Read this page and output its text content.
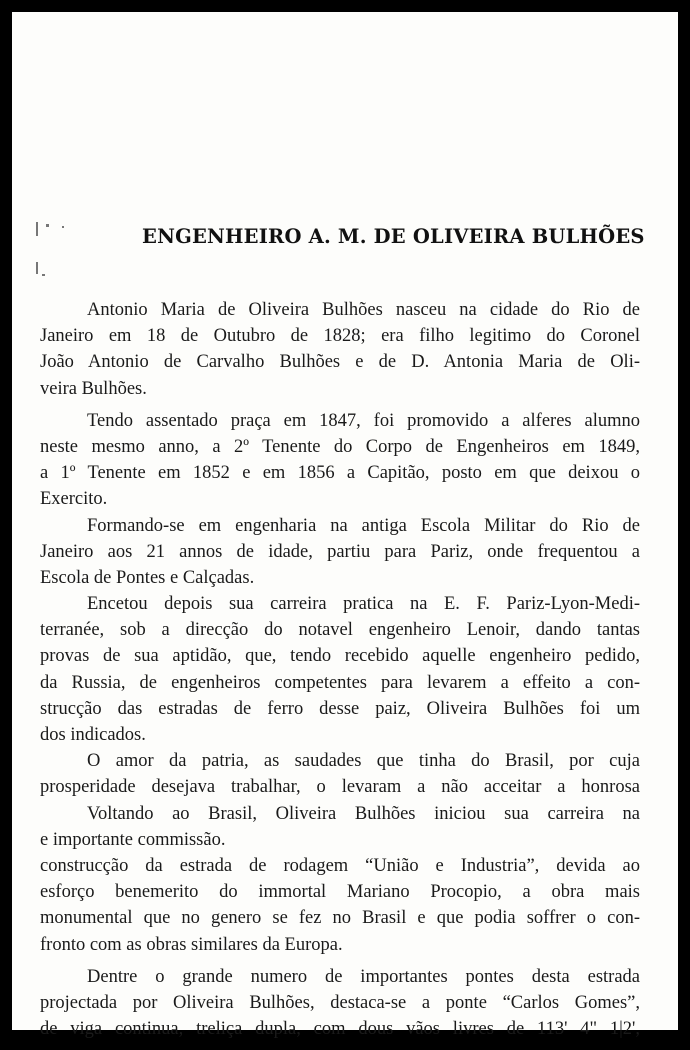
ENGENHEIRO A. M. DE OLIVEIRA BULHÕES
Antonio Maria de Oliveira Bulhões nasceu na cidade do Rio de
Janeiro em 18 de Outubro de 1828; era filho legitimo do Coronel
João Antonio de Carvalho Bulhões e de D. Antonia Maria de Oli-
veira Bulhões.
Tendo assentado praça em 1847, foi promovido a alferes alumno
neste mesmo anno, a 2º Tenente do Corpo de Engenheiros em 1849,
a 1º Tenente em 1852 e em 1856 a Capitão, posto em que deixou o
Exercito.
Formando-se em engenharia na antiga Escola Militar do Rio de
Janeiro aos 21 annos de idade, partiu para Pariz, onde frequentou a
Escola de Pontes e Calçadas.
Encetou depois sua carreira pratica na E. F. Pariz-Lyon-Medi-
terranée, sob a direcção do notavel engenheiro Lenoir, dando tantas
provas de sua aptidão, que, tendo recebido aquelle engenheiro pedido,
da Russia, de engenheiros competentes para levarem a effeito a con-
strucção das estradas de ferro desse paiz, Oliveira Bulhões foi um
dos indicados.
O amor da patria, as saudades que tinha do Brasil, por cuja
prosperidade desejava trabalhar, o levaram a não acceitar a honrosa
Voltando ao Brasil, Oliveira Bulhões iniciou sua carreira na
e importante commissão.
construcção da estrada de rodagem “União e Industria”, devida ao
esforço benemerito do immortal Mariano Procopio, a obra mais
monumental que no genero se fez no Brasil e que podia soffrer o con-
fronto com as obras similares da Europa.
Dentre o grande numero de importantes pontes desta estrada
projectada por Oliveira Bulhões, destaca-se a ponte “Carlos Gomes”,
de viga continua, treliça dupla, com dous vãos livres de 113' 4" 1|2',
